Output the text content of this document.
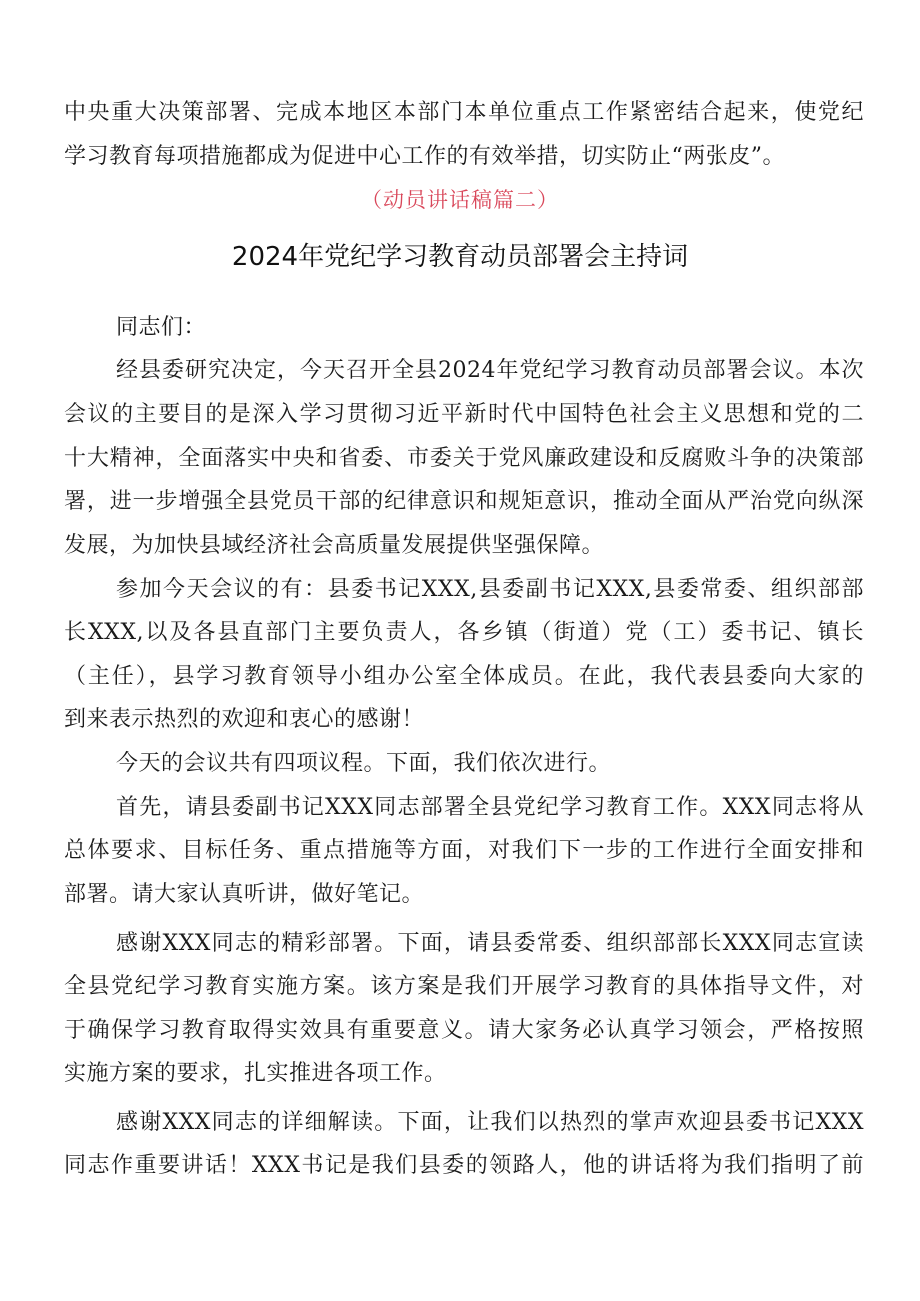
中央重大决策部署、完成本地区本部门本单位重点工作紧密结合起来，使党纪
学习教育每项措施都成为促进中心工作的有效举措，切实防止“两张皮”。
（动员讲话稿篇二）
2024年党纪学习教育动员部署会主持词
同志们：
经县委研究决定，今天召开全县2024年党纪学习教育动员部署会议。本次
会议的主要目的是深入学习贯彻习近平新时代中国特色社会主义思想和党的二
十大精神，全面落实中央和省委、市委关于党风廉政建设和反腐败斗争的决策部
署，进一步增强全县党员干部的纪律意识和规矩意识，推动全面从严治党向纵深
发展，为加快县域经济社会高质量发展提供坚强保障。
参加今天会议的有：县委书记XXX,县委副书记XXX,县委常委、组织部部
长XXX,以及各县直部门主要负责人，各乡镇（街道）党（工）委书记、镇长
（主任），县学习教育领导小组办公室全体成员。在此，我代表县委向大家的
到来表示热烈的欢迎和衷心的感谢！
今天的会议共有四项议程。下面，我们依次进行。
首先，请县委副书记XXX同志部署全县党纪学习教育工作。XXX同志将从
总体要求、目标任务、重点措施等方面，对我们下一步的工作进行全面安排和
部署。请大家认真听讲，做好笔记。
感谢XXX同志的精彩部署。下面，请县委常委、组织部部长XXX同志宣读
全县党纪学习教育实施方案。该方案是我们开展学习教育的具体指导文件，对
于确保学习教育取得实效具有重要意义。请大家务必认真学习领会，严格按照
实施方案的要求，扎实推进各项工作。
感谢XXX同志的详细解读。下面，让我们以热烈的掌声欢迎县委书记XXX
同志作重要讲话！XXX书记是我们县委的领路人，他的讲话将为我们指明了前
